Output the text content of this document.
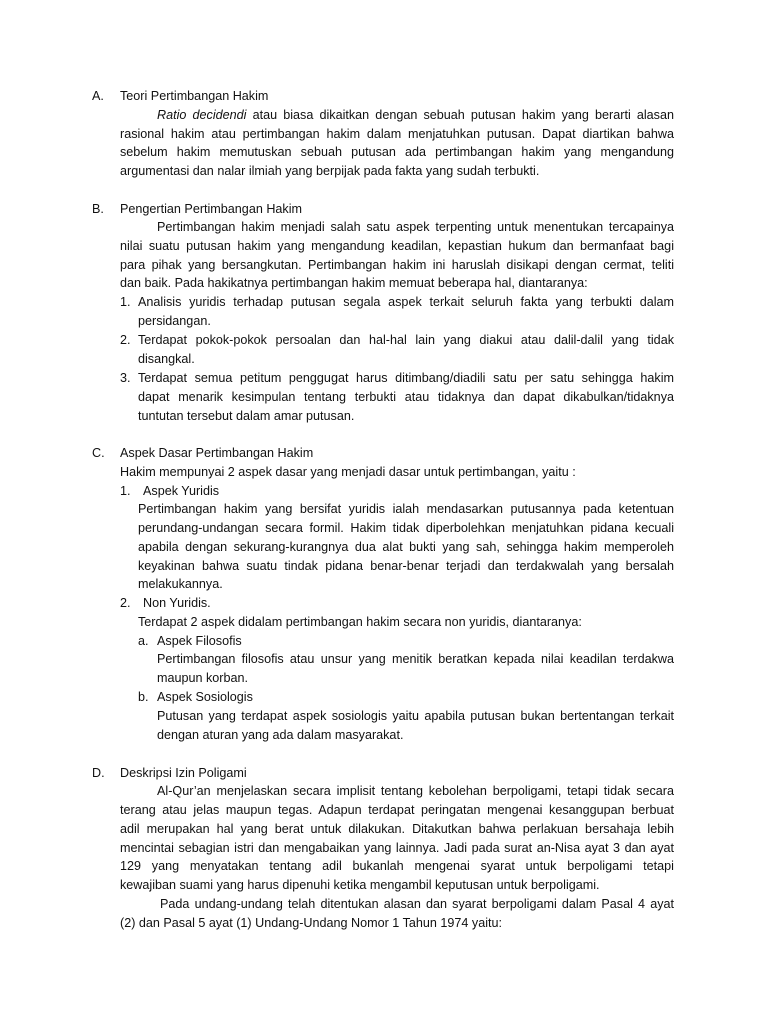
A. Teori Pertimbangan Hakim
Ratio decidendi atau biasa dikaitkan dengan sebuah putusan hakim yang berarti alasan
rasional hakim atau pertimbangan hakim dalam menjatuhkan putusan. Dapat diartikan bahwa
sebelum hakim memutuskan sebuah putusan ada pertimbangan hakim yang mengandung
argumentasi dan nalar ilmiah yang berpijak pada fakta yang sudah terbukti.
B. Pengertian Pertimbangan Hakim
Pertimbangan hakim menjadi salah satu aspek terpenting untuk menentukan tercapainya
nilai suatu putusan hakim yang mengandung keadilan, kepastian hukum dan bermanfaat bagi
para pihak yang bersangkutan. Pertimbangan hakim ini haruslah disikapi dengan cermat, teliti
dan baik. Pada hakikatnya pertimbangan hakim memuat beberapa hal, diantaranya:
1. Analisis yuridis terhadap putusan segala aspek terkait seluruh fakta yang terbukti dalam
persidangan.
2. Terdapat pokok-pokok persoalan dan hal-hal lain yang diakui atau dalil-dalil yang tidak
disangkal.
3. Terdapat semua petitum penggugat harus ditimbang/diadili satu per satu sehingga hakim
dapat menarik kesimpulan tentang terbukti atau tidaknya dan dapat dikabulkan/tidaknya
tuntutan tersebut dalam amar putusan.
C. Aspek Dasar Pertimbangan Hakim
Hakim mempunyai 2 aspek dasar yang menjadi dasar untuk pertimbangan, yaitu :
1. Aspek Yuridis
Pertimbangan hakim yang bersifat yuridis ialah mendasarkan putusannya pada ketentuan
perundang-undangan secara formil. Hakim tidak diperbolehkan menjatuhkan pidana kecuali
apabila dengan sekurang-kurangnya dua alat bukti yang sah, sehingga hakim memperoleh
keyakinan bahwa suatu tindak pidana benar-benar terjadi dan terdakwalah yang bersalah
melakukannya.
2. Non Yuridis.
Terdapat 2 aspek didalam pertimbangan hakim secara non yuridis, diantaranya:
a. Aspek Filosofis
Pertimbangan filosofis atau unsur yang menitik beratkan kepada nilai keadilan terdakwa
maupun korban.
b. Aspek Sosiologis
Putusan yang terdapat aspek sosiologis yaitu apabila putusan bukan bertentangan terkait
dengan aturan yang ada dalam masyarakat.
D. Deskripsi Izin Poligami
Al-Qur’an menjelaskan secara implisit tentang kebolehan berpoligami, tetapi tidak secara
terang atau jelas maupun tegas. Adapun terdapat peringatan mengenai kesanggupan berbuat
adil merupakan hal yang berat untuk dilakukan. Ditakutkan bahwa perlakuan bersahaja lebih
mencintai sebagian istri dan mengabaikan yang lainnya. Jadi pada surat an-Nisa ayat 3 dan ayat
129 yang menyatakan tentang adil bukanlah mengenai syarat untuk berpoligami tetapi
kewajiban suami yang harus dipenuhi ketika mengambil keputusan untuk berpoligami.
Pada undang-undang telah ditentukan alasan dan syarat berpoligami dalam Pasal 4 ayat
(2) dan Pasal 5 ayat (1) Undang-Undang Nomor 1 Tahun 1974 yaitu:
